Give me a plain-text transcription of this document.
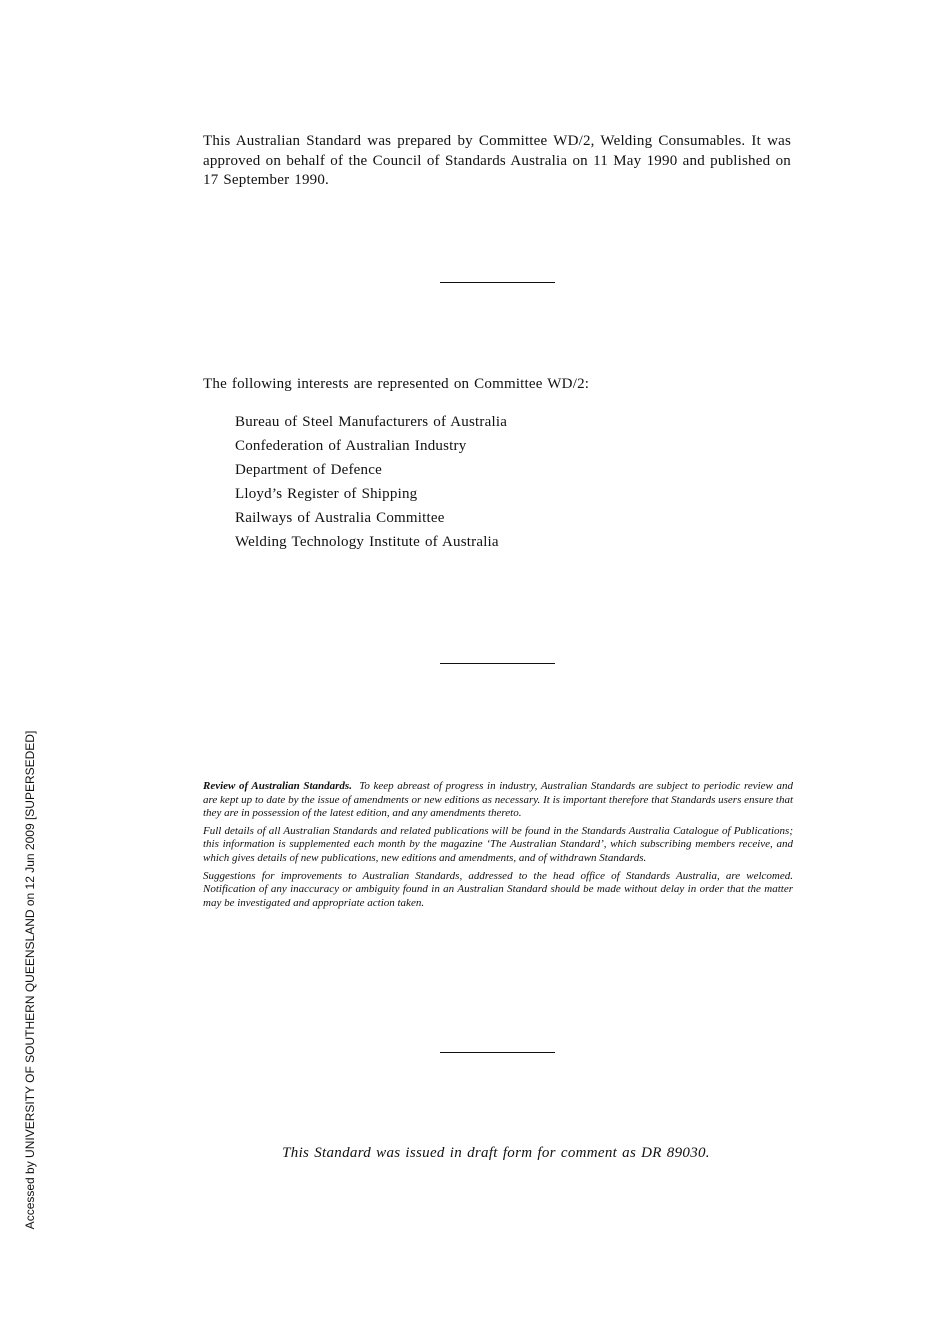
This Australian Standard was prepared by Committee WD/2, Welding Consumables. It was approved on behalf of the Council of Standards Australia on 11 May 1990 and published on 17 September 1990.
The following interests are represented on Committee WD/2:
Bureau of Steel Manufacturers of Australia
Confederation of Australian Industry
Department of Defence
Lloyd’s Register of Shipping
Railways of Australia Committee
Welding Technology Institute of Australia

Review of Australian Standards. To keep abreast of progress in industry, Australian Standards are subject to periodic review and are kept up to date by the issue of amendments or new editions as necessary. It is important therefore that Standards users ensure that they are in possession of the latest edition, and any amendments thereto.

Full details of all Australian Standards and related publications will be found in the Standards Australia Catalogue of Publications; this information is supplemented each month by the magazine ‘The Australian Standard’, which subscribing members receive, and which gives details of new publications, new editions and amendments, and of withdrawn Standards.

Suggestions for improvements to Australian Standards, addressed to the head office of Standards Australia, are welcomed. Notification of any inaccuracy or ambiguity found in an Australian Standard should be made without delay in order that the matter may be investigated and appropriate action taken.

This Standard was issued in draft form for comment as DR 89030.
Accessed by UNIVERSITY OF SOUTHERN QUEENSLAND on 12 Jun 2009 [SUPERSEDED]
